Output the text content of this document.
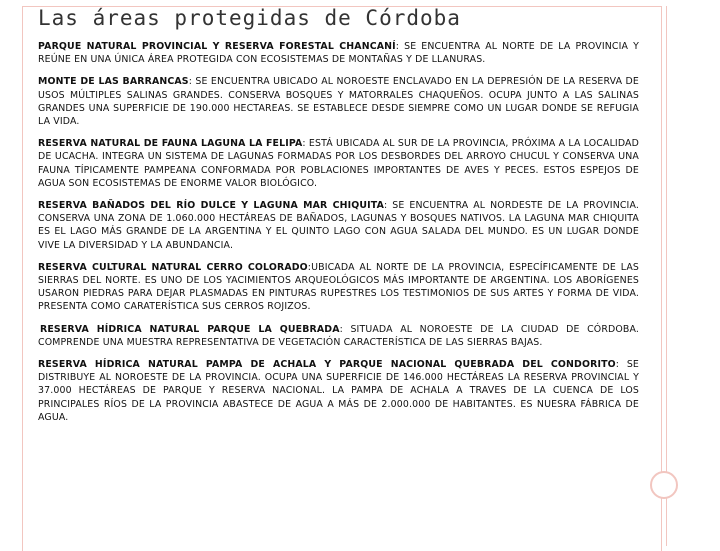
Las áreas protegidas de Córdoba

PARQUE NATURAL PROVINCIAL Y RESERVA FORESTAL CHANCANÍ: SE ENCUENTRA AL NORTE DE LA PROVINCIA Y REÚNE EN UNA ÚNICA ÁREA PROTEGIDA CON ECOSISTEMAS DE MONTAÑAS Y DE LLANURAS.

MONTE DE LAS BARRANCAS: SE ENCUENTRA UBICADO AL NOROESTE ENCLAVADO EN LA DEPRESIÓN DE LA RESERVA DE USOS MÚLTIPLES SALINAS GRANDES. CONSERVA BOSQUES Y MATORRALES CHAQUEÑOS. OCUPA JUNTO A LAS SALINAS GRANDES UNA SUPERFICIE DE 190.000 HECTAREAS. SE ESTABLECE DESDE SIEMPRE COMO UN LUGAR DONDE SE REFUGIA LA VIDA.

RESERVA NATURAL DE FAUNA LAGUNA LA FELIPA: ESTÁ UBICADA AL SUR DE LA PROVINCIA, PRÓXIMA A LA LOCALIDAD DE UCACHA. INTEGRA UN SISTEMA DE LAGUNAS FORMADAS POR LOS DESBORDES DEL ARROYO CHUCUL Y CONSERVA UNA FAUNA TÍPICAMENTE PAMPEANA CONFORMADA POR POBLACIONES IMPORTANTES DE AVES Y PECES. ESTOS ESPEJOS DE AGUA SON ECOSISTEMAS DE ENORME VALOR BIOLÓGICO.

RESERVA BAÑADOS DEL RÍO DULCE Y LAGUNA MAR CHIQUITA: SE ENCUENTRA AL NORDESTE DE LA PROVINCIA. CONSERVA UNA ZONA DE 1.060.000 HECTÁREAS DE BAÑADOS, LAGUNAS Y BOSQUES NATIVOS. LA LAGUNA MAR CHIQUITA ES EL LAGO MÁS GRANDE DE LA ARGENTINA Y EL QUINTO LAGO CON AGUA SALADA DEL MUNDO. ES UN LUGAR DONDE VIVE LA DIVERSIDAD Y LA ABUNDANCIA.

RESERVA CULTURAL NATURAL CERRO COLORADO:UBICADA AL NORTE DE LA PROVINCIA, ESPECÍFICAMENTE DE LAS SIERRAS DEL NORTE. ES UNO DE LOS YACIMIENTOS ARQUEOLÓGICOS MÁS IMPORTANTE DE ARGENTINA. LOS ABORÍGENES USARON PIEDRAS PARA DEJAR PLASMADAS EN PINTURAS RUPESTRES LOS TESTIMONIOS DE SUS ARTES Y FORMA DE VIDA. PRESENTA COMO CARATERÍSTICA SUS CERROS ROJIZOS.

RESERVA HÍDRICA NATURAL PARQUE LA QUEBRADA: SITUADA AL NOROESTE DE LA CIUDAD DE CÓRDOBA. COMPRENDE UNA MUESTRA REPRESENTATIVA DE VEGETACIÓN CARACTERÍSTICA DE LAS SIERRAS BAJAS.

RESERVA HÍDRICA NATURAL PAMPA DE ACHALA Y PARQUE NACIONAL QUEBRADA DEL CONDORITO: SE DISTRIBUYE AL NOROESTE DE LA PROVINCIA. OCUPA UNA SUPERFICIE DE 146.000 HECTÁREAS LA RESERVA PROVINCIAL Y 37.000 HECTÁREAS DE PARQUE Y RESERVA NACIONAL. LA PAMPA DE ACHALA A TRAVES DE LA CUENCA DE LOS PRINCIPALES RÍOS DE LA PROVINCIA ABASTECE DE AGUA A MÁS DE 2.000.000 DE HABITANTES. ES NUESRA FÁBRICA DE AGUA.
